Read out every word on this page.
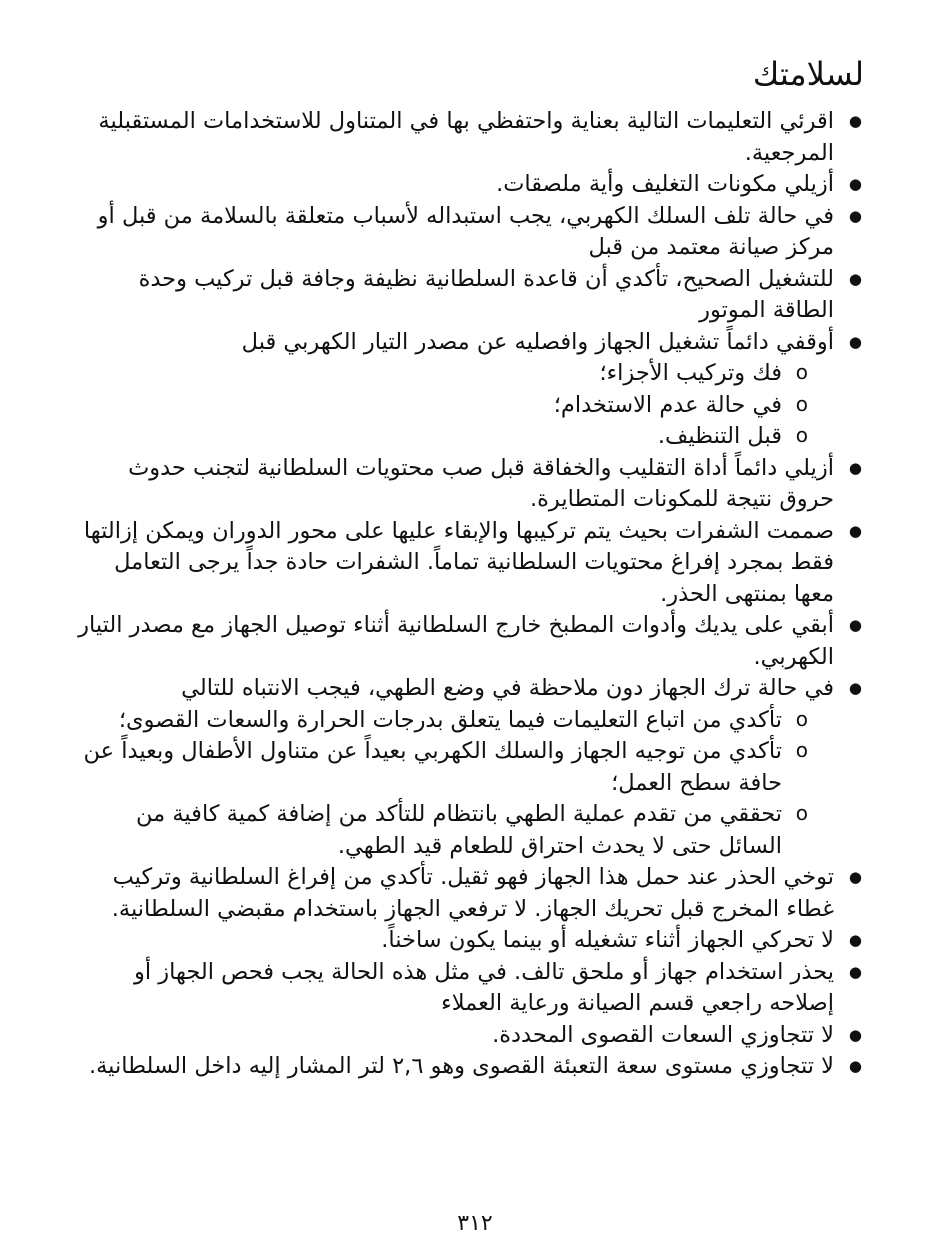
لسلامتك
● اقرئي التعليمات التالية بعناية واحتفظي بها في المتناول للاستخدامات المستقبلية المرجعية.
● أزيلي مكونات التغليف وأية ملصقات.
● في حالة تلف السلك الكهربي، يجب استبداله لأسباب متعلقة بالسلامة من قبل أو مركز صيانة معتمد من قبل
● للتشغيل الصحيح، تأكدي أن قاعدة السلطانية نظيفة وجافة قبل تركيب وحدة الطاقة الموتور
● أوقفي دائماً تشغيل الجهاز وافصليه عن مصدر التيار الكهربي قبل
o فك وتركيب الأجزاء؛
o في حالة عدم الاستخدام؛
o قبل التنظيف.
● أزيلي دائماً أداة التقليب والخفاقة قبل صب محتويات السلطانية لتجنب حدوث حروق نتيجة للمكونات المتطايرة.
● صممت الشفرات بحيث يتم تركيبها والإبقاء عليها على محور الدوران ويمكن إزالتها فقط بمجرد إفراغ محتويات السلطانية تماماً. الشفرات حادة جداً يرجى التعامل معها بمنتهى الحذر.
● أبقي على يديك وأدوات المطبخ خارج السلطانية أثناء توصيل الجهاز مع مصدر التيار الكهربي.
● في حالة ترك الجهاز دون ملاحظة في وضع الطهي، فيجب الانتباه للتالي
o تأكدي من اتباع التعليمات فيما يتعلق بدرجات الحرارة والسعات القصوى؛
o تأكدي من توجيه الجهاز والسلك الكهربي بعيداً عن متناول الأطفال وبعيداً عن حافة سطح العمل؛
o تحققي من تقدم عملية الطهي بانتظام للتأكد من إضافة كمية كافية من السائل حتى لا يحدث احتراق للطعام قيد الطهي.
● توخي الحذر عند حمل هذا الجهاز فهو ثقيل. تأكدي من إفراغ السلطانية وتركيب غطاء المخرج قبل تحريك الجهاز. لا ترفعي الجهاز باستخدام مقبضي السلطانية.
● لا تحركي الجهاز أثناء تشغيله أو بينما يكون ساخناً.
● يحذر استخدام جهاز أو ملحق تالف. في مثل هذه الحالة يجب فحص الجهاز أو إصلاحه راجعي قسم الصيانة ورعاية العملاء
● لا تتجاوزي السعات القصوى المحددة.
● لا تتجاوزي مستوى سعة التعبئة القصوى وهو ٢,٦ لتر المشار إليه داخل السلطانية.
٣١٢
